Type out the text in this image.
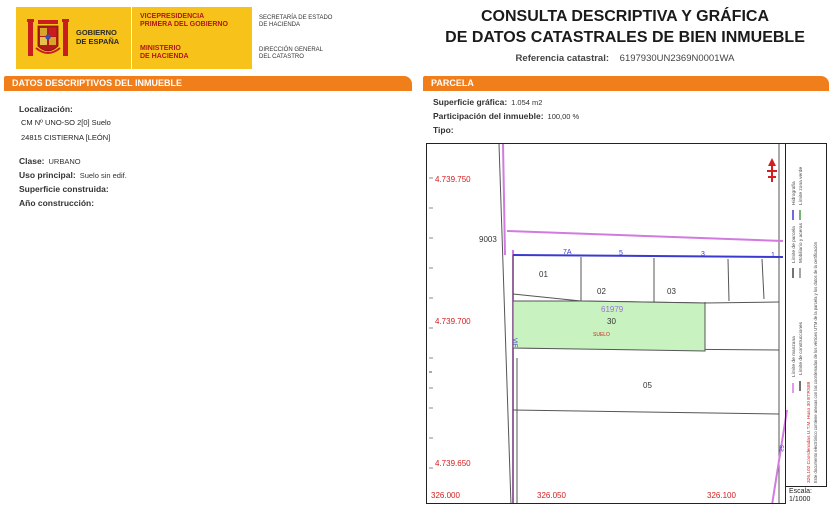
GOBIERNO
DE ESPAÑA
VICEPRESIDENCIA
PRIMERA DEL GOBIERNO
MINISTERIO
DE HACIENDA
SECRETARÍA DE ESTADO
DE HACIENDA
DIRECCIÓN GENERAL
DEL CATASTRO
CONSULTA DESCRIPTIVA Y GRÁFICA
DE DATOS CATASTRALES DE BIEN INMUEBLE
Referencia catastral: 6197930UN2369N0001WA
DATOS DESCRIPTIVOS DEL INMUEBLE	PARCELA
Localización:
CM Nº UNO-SO 2[0] Suelo
24815 CISTIERNA [LEÓN]
Clase: URBANO
Uso principal: Suelo sin edif.
Superficie construida:
Año construcción:
Superficie gráfica: 1.054 m2
Participación del inmueble: 100,00 %
Tipo:
4.739.750
4.739.700
4.739.650
326.000	326.050	326.100
9003
01
02	03
61979
30
SUELO
05
7A	5	3	1
VIE
25
Límite de manzana
Límite de parcela
Hidrografía
Límite de construcciones
Mobiliario y aceras
Límite zona verde
326,102 Coordenadas U.T.M. Huso 30 ETRS89 Este documento electrónico contiene anexas con las coordenadas de los vértices UTM de la parcela y los datos de la certificación
Escala:
1/1000
